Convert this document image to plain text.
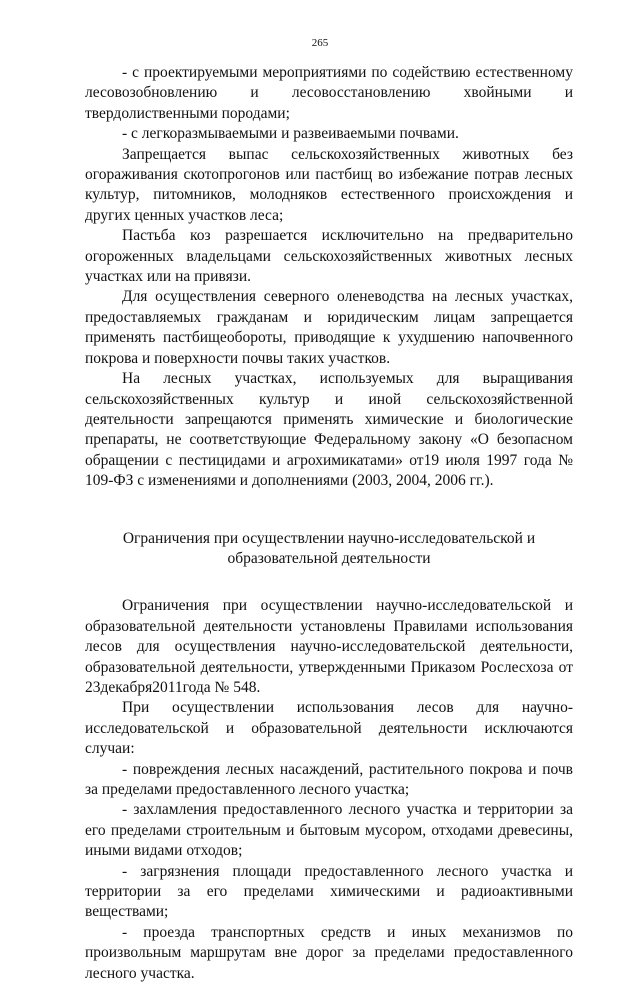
265

- с проектируемыми мероприятиями по содействию естественному лесовозобновлению и лесовосстановлению хвойными и твердолиственными породами;

- с легкоразмываемыми и развеиваемыми почвами.

Запрещается выпас сельскохозяйственных животных без огораживания скотопрогонов или пастбищ во избежание потрав лесных культур, питомников, молодняков естественного происхождения и других ценных участков леса;

Пастьба коз разрешается исключительно на предварительно огороженных владельцами сельскохозяйственных животных лесных участках или на привязи.

Для осуществления северного оленеводства на лесных участках, предоставляемых гражданам и юридическим лицам запрещается применять пастбищеобороты, приводящие к ухудшению напочвенного покрова и поверхности почвы таких участков.

На лесных участках, используемых для выращивания сельскохозяйственных культур и иной сельскохозяйственной деятельности запрещаются применять химические и биологические препараты, не соответствующие Федеральному закону «О безопасном обращении с пестицидами и агрохимикатами» от19 июля 1997 года № 109-ФЗ с изменениями и дополнениями (2003, 2004, 2006 гг.).

Ограничения при осуществлении научно-исследовательской и образовательной деятельности

Ограничения при осуществлении научно-исследовательской и образовательной деятельности установлены Правилами использования лесов для осуществления научно-исследовательской деятельности, образовательной деятельности, утвержденными Приказом Рослесхоза от 23декабря2011года № 548.

При осуществлении использования лесов для научно-исследовательской и образовательной деятельности исключаются случаи:

- повреждения лесных насаждений, растительного покрова и почв за пределами предоставленного лесного участка;

- захламления предоставленного лесного участка и территории за его пределами строительным и бытовым мусором, отходами древесины, иными видами отходов;

- загрязнения площади предоставленного лесного участка и территории за его пределами химическими и радиоактивными веществами;

- проезда транспортных средств и иных механизмов по произвольным маршрутам вне дорог за пределами предоставленного лесного участка.
